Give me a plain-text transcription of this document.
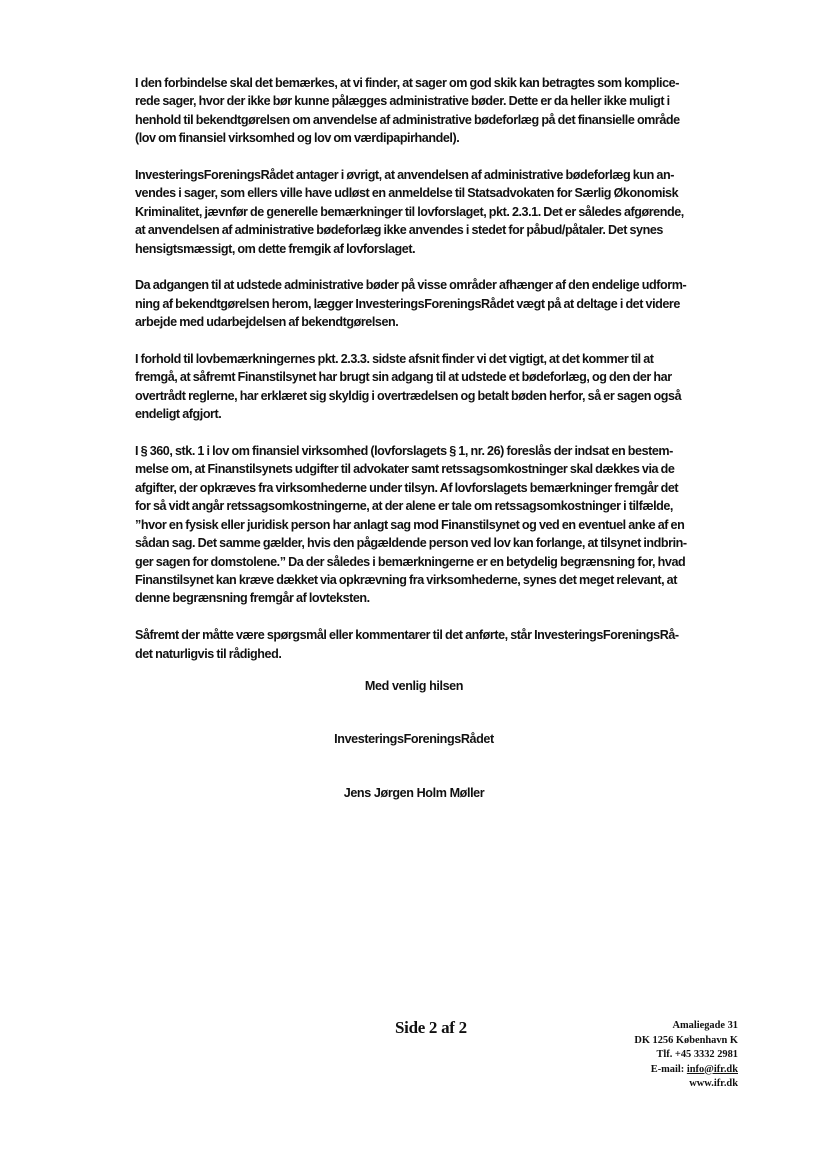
I den forbindelse skal det bemærkes, at vi finder, at sager om god skik kan betragtes som komplice-
rede sager, hvor der ikke bør kunne pålægges administrative bøder. Dette er da heller ikke muligt i
henhold til bekendtgørelsen om anvendelse af administrative bødeforlæg på det finansielle område
(lov om finansiel virksomhed og lov om værdipapirhandel).

InvesteringsForeningsRådet antager i øvrigt, at anvendelsen af administrative bødeforlæg kun an-
vendes i sager, som ellers ville have udløst en anmeldelse til Statsadvokaten for Særlig Økonomisk
Kriminalitet, jævnfør de generelle bemærkninger til lovforslaget, pkt. 2.3.1. Det er således afgørende,
at anvendelsen af administrative bødeforlæg ikke anvendes i stedet for påbud/påtaler. Det synes
hensigtsmæssigt, om dette fremgik af lovforslaget.

Da adgangen til at udstede administrative bøder på visse områder afhænger af den endelige udform-
ning af bekendtgørelsen herom, lægger InvesteringsForeningsRådet vægt på at deltage i det videre
arbejde med udarbejdelsen af bekendtgørelsen.

I forhold til lovbemærkningernes pkt. 2.3.3. sidste afsnit finder vi det vigtigt, at det kommer til at
fremgå, at såfremt Finanstilsynet har brugt sin adgang til at udstede et bødeforlæg, og den der har
overtrådt reglerne, har erklæret sig skyldig i overtrædelsen og betalt bøden herfor, så er sagen også
endeligt afgjort.

I § 360, stk. 1 i lov om finansiel virksomhed (lovforslagets § 1, nr. 26) foreslås der indsat en bestem-
melse om, at Finanstilsynets udgifter til advokater samt retssagsomkostninger skal dækkes via de
afgifter, der opkræves fra virksomhederne under tilsyn. Af lovforslagets bemærkninger fremgår det
for så vidt angår retssagsomkostningerne, at der alene er tale om retssagsomkostninger i tilfælde,
”hvor en fysisk eller juridisk person har anlagt sag mod Finanstilsynet og ved en eventuel anke af en
sådan sag. Det samme gælder, hvis den pågældende person ved lov kan forlange, at tilsynet indbrin-
ger sagen for domstolene.” Da der således i bemærkningerne er en betydelig begrænsning for, hvad
Finanstilsynet kan kræve dækket via opkrævning fra virksomhederne, synes det meget relevant, at
denne begrænsning fremgår af lovteksten.

Såfremt der måtte være spørgsmål eller kommentarer til det anførte, står InvesteringsForeningsRå-
det naturligvis til rådighed.

Med venlig hilsen
InvesteringsForeningsRådet
Jens Jørgen Holm Møller
Side 2 af 2	Amaliegade 31
DK 1256 København K
Tlf. +45 3332 2981
E-mail: info@ifr.dk
www.ifr.dk
